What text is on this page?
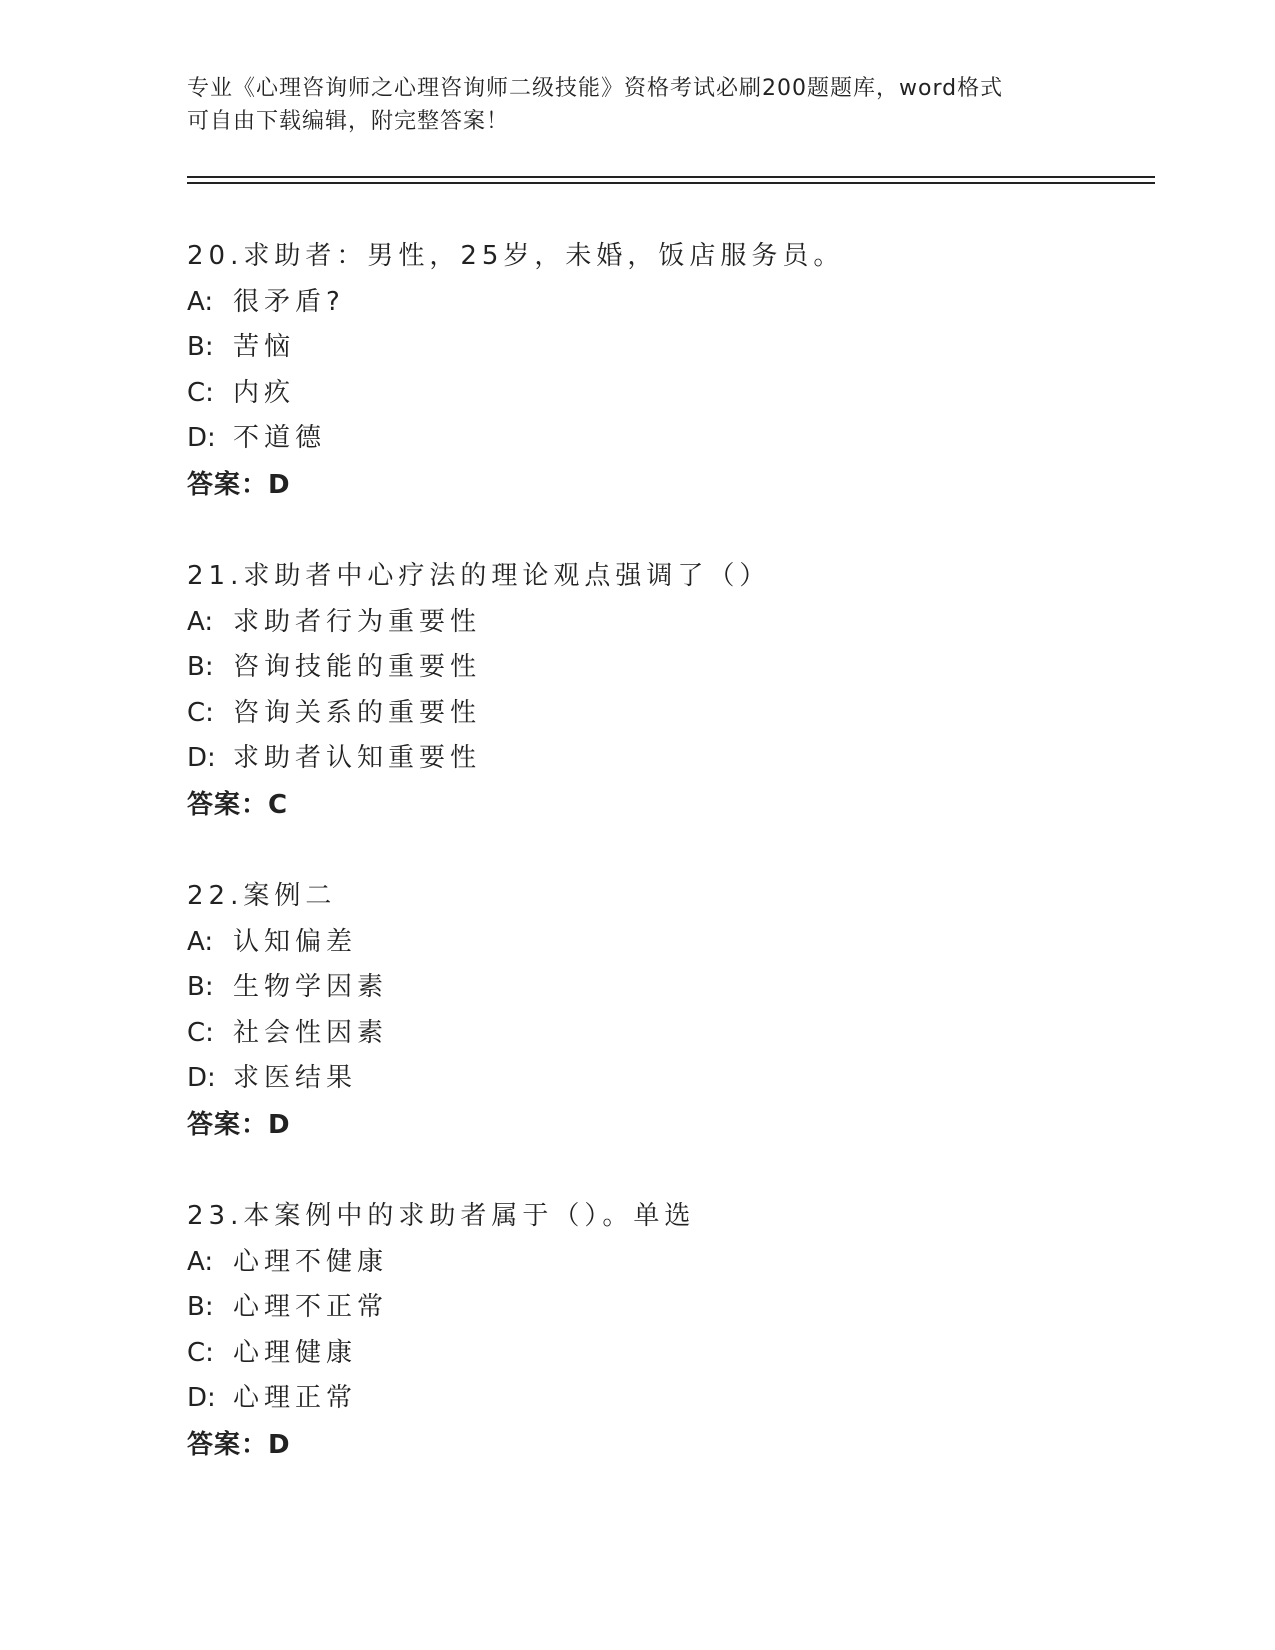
专业《心理咨询师之心理咨询师二级技能》资格考试必刷200题题库，word格式
可自由下载编辑，附完整答案！
20.求助者：男性，25岁，未婚，饭店服务员。
A: 很矛盾?
B: 苦恼
C: 内疚
D: 不道德
答案：D
21.求助者中心疗法的理论观点强调了（）
A: 求助者行为重要性
B: 咨询技能的重要性
C: 咨询关系的重要性
D: 求助者认知重要性
答案：C
22.案例二
A: 认知偏差
B: 生物学因素
C: 社会性因素
D: 求医结果
答案：D
23.本案例中的求助者属于（）。单选
A: 心理不健康
B: 心理不正常
C: 心理健康
D: 心理正常
答案：D
